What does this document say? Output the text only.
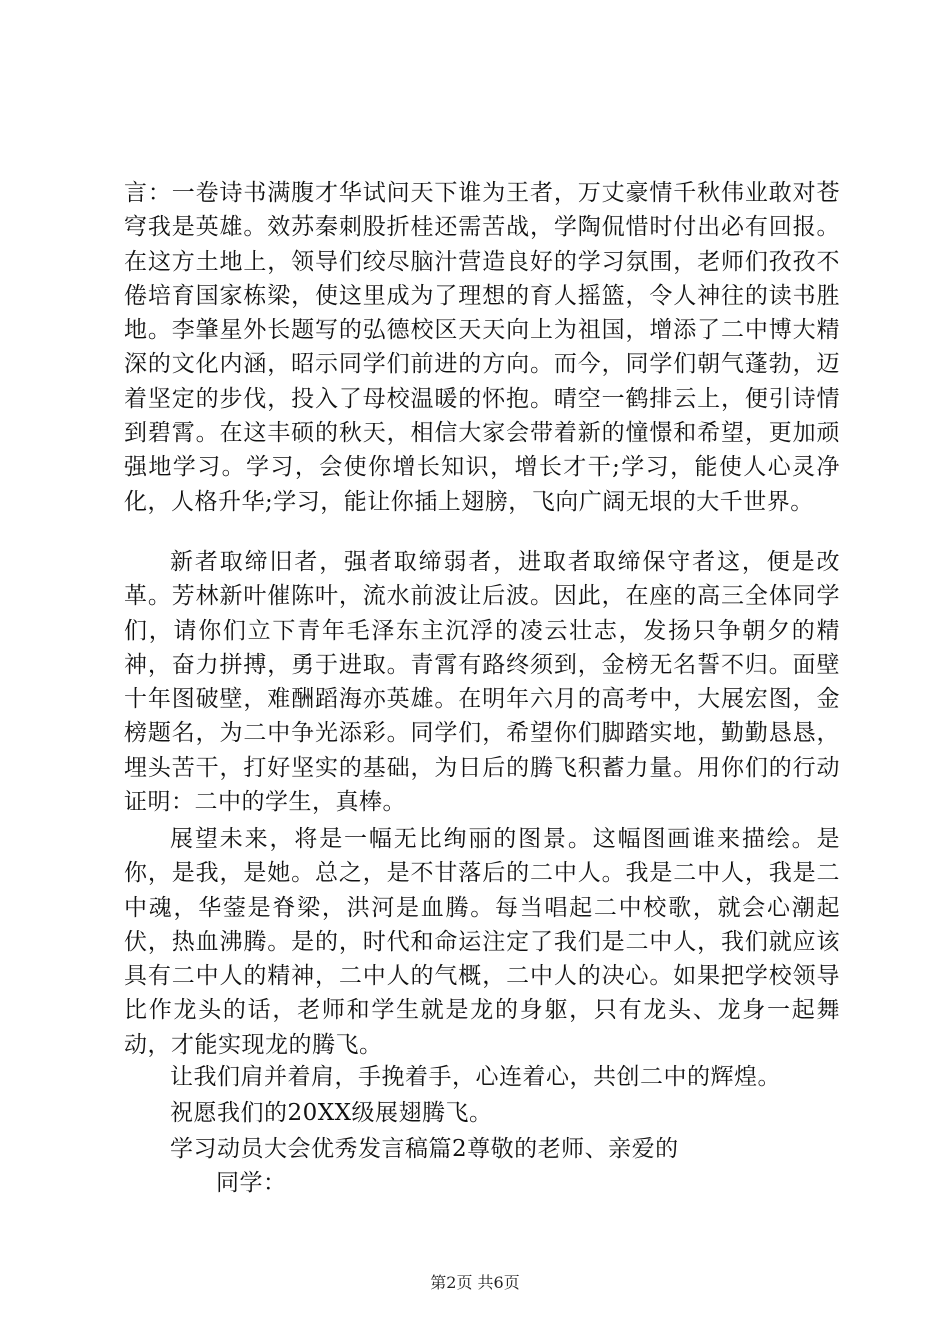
言：一卷诗书满腹才华试问天下谁为王者，万丈豪情千秋伟业敢对苍穹我是英雄。效苏秦刺股折桂还需苦战，学陶侃惜时付出必有回报。在这方土地上，领导们绞尽脑汁营造良好的学习氛围，老师们孜孜不倦培育国家栋梁，使这里成为了理想的育人摇篮，令人神往的读书胜地。李肇星外长题写的弘德校区天天向上为祖国，增添了二中博大精深的文化内涵，昭示同学们前进的方向。而今，同学们朝气蓬勃，迈着坚定的步伐，投入了母校温暖的怀抱。晴空一鹤排云上，便引诗情到碧霄。在这丰硕的秋天，相信大家会带着新的憧憬和希望，更加顽强地学习。学习，会使你增长知识，增长才干;学习，能使人心灵净化，人格升华;学习，能让你插上翅膀，飞向广阔无垠的大千世界。

新者取缔旧者，强者取缔弱者，进取者取缔保守者这，便是改革。芳林新叶催陈叶，流水前波让后波。因此，在座的高三全体同学们，请你们立下青年毛泽东主沉浮的凌云壮志，发扬只争朝夕的精神，奋力拼搏，勇于进取。青霄有路终须到，金榜无名誓不归。面壁十年图破壁，难酬蹈海亦英雄。在明年六月的高考中，大展宏图，金榜题名，为二中争光添彩。同学们，希望你们脚踏实地，勤勤恳恳，埋头苦干，打好坚实的基础，为日后的腾飞积蓄力量。用你们的行动证明：二中的学生，真棒。

展望未来，将是一幅无比绚丽的图景。这幅图画谁来描绘。是你，是我，是她。总之，是不甘落后的二中人。我是二中人，我是二中魂，华蓥是脊梁，洪河是血腾。每当唱起二中校歌，就会心潮起伏，热血沸腾。是的，时代和命运注定了我们是二中人，我们就应该具有二中人的精神，二中人的气概，二中人的决心。如果把学校领导比作龙头的话，老师和学生就是龙的身躯，只有龙头、龙身一起舞动，才能实现龙的腾飞。

让我们肩并着肩，手挽着手，心连着心，共创二中的辉煌。

祝愿我们的20XX级展翅腾飞。

学习动员大会优秀发言稿篇2尊敬的老师、亲爱的
同学：

第2页 共6页
